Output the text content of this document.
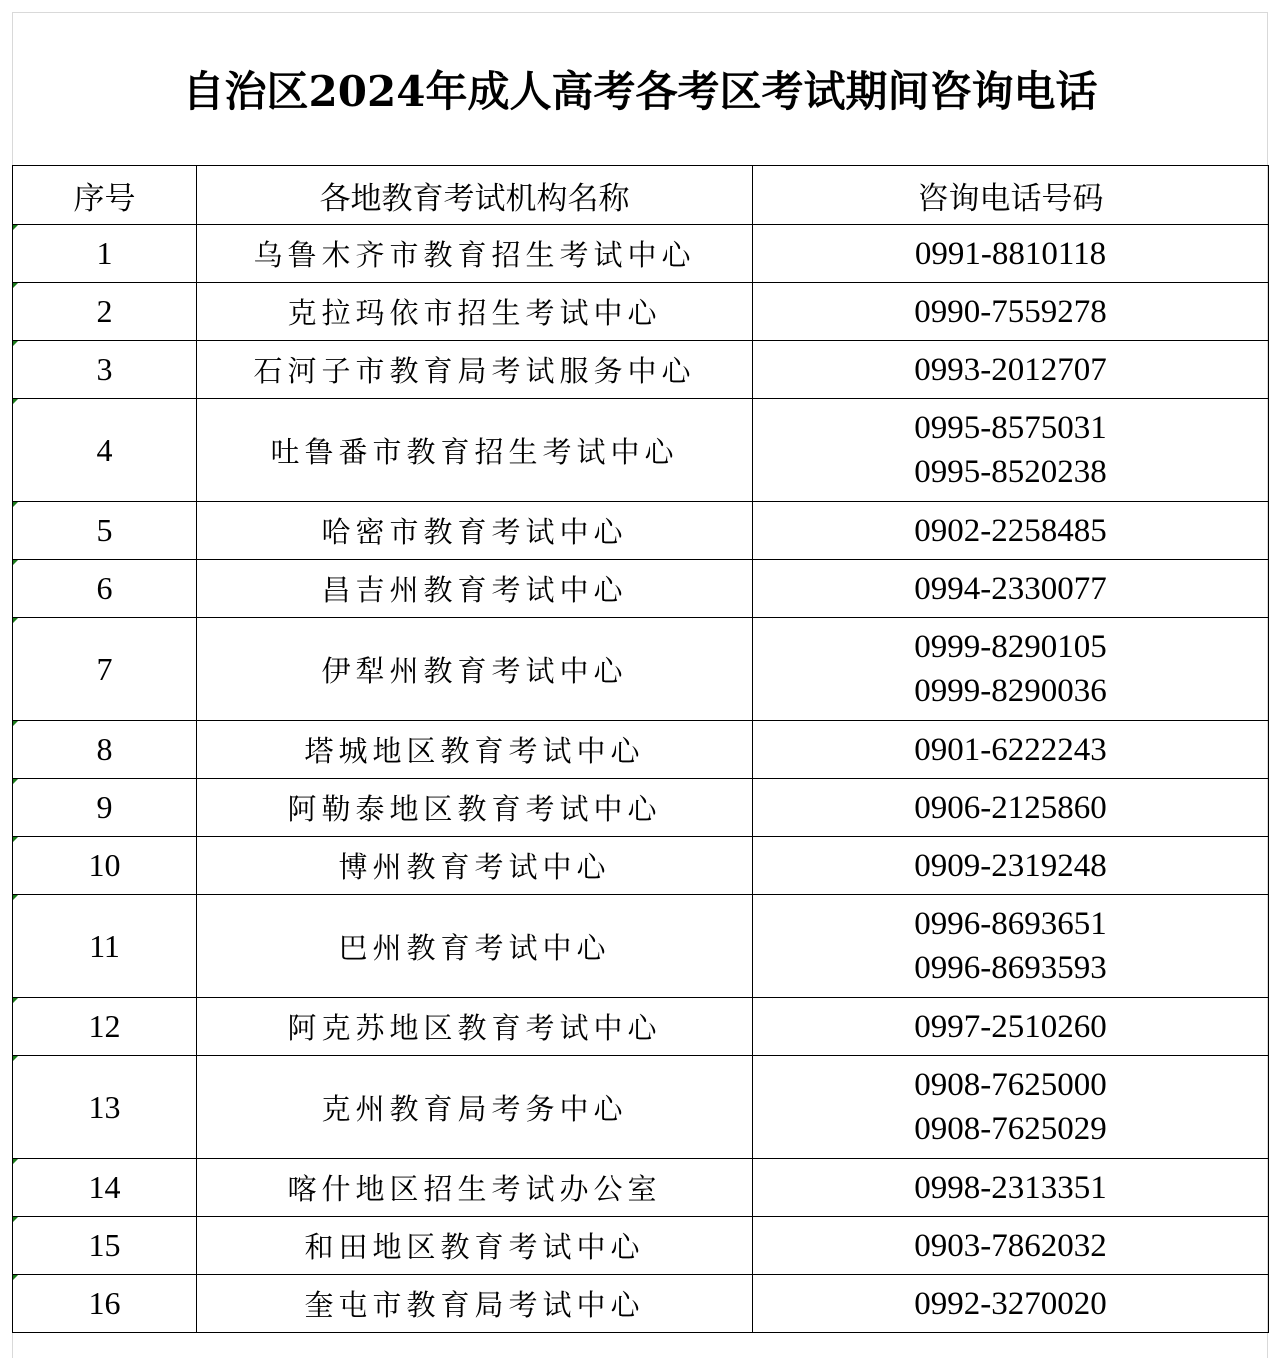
自治区2024年成人高考各考区考试期间咨询电话
序号	各地教育考试机构名称	咨询电话号码

1	乌鲁木齐市教育招生考试中心	0991-8810118

2	克拉玛依市招生考试中心	0990-7559278

3	石河子市教育局考试服务中心	0993-2012707

4	吐鲁番市教育招生考试中心	0995-8575031
0995-8520238

5	哈密市教育考试中心	0902-2258485

6	昌吉州教育考试中心	0994-2330077

7	伊犁州教育考试中心	0999-8290105
0999-8290036

8	塔城地区教育考试中心	0901-6222243

9	阿勒泰地区教育考试中心	0906-2125860

10	博州教育考试中心	0909-2319248

11	巴州教育考试中心	0996-8693651
0996-8693593

12	阿克苏地区教育考试中心	0997-2510260

13	克州教育局考务中心	0908-7625000
0908-7625029

14	喀什地区招生考试办公室	0998-2313351

15	和田地区教育考试中心	0903-7862032

16	奎屯市教育局考试中心	0992-3270020
